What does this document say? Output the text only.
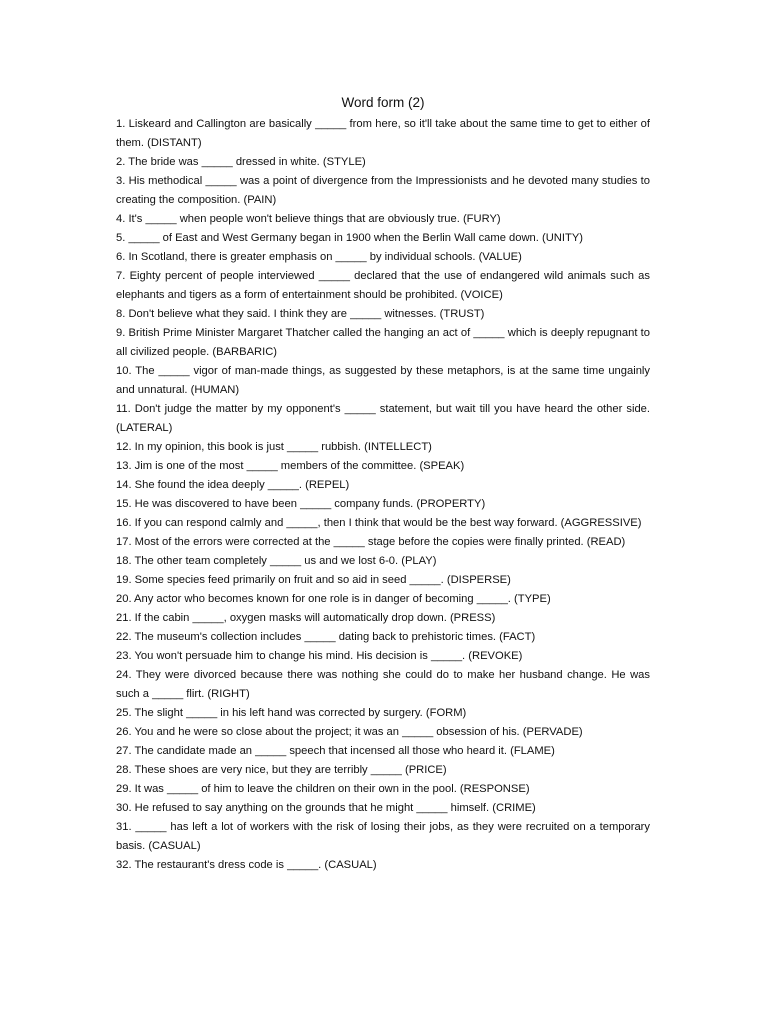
Word form (2)

1. Liskeard and Callington are basically _____ from here, so it'll take about the same time to get to either of them. (DISTANT)

2. The bride was _____ dressed in white. (STYLE)

3. His methodical _____ was a point of divergence from the Impressionists and he devoted many studies to creating the composition. (PAIN)

4. It's _____ when people won't believe things that are obviously true. (FURY)

5. _____ of East and West Germany began in 1900 when the Berlin Wall came down. (UNITY)

6. In Scotland, there is greater emphasis on _____ by individual schools. (VALUE)

7. Eighty percent of people interviewed _____ declared that the use of endangered wild animals such as elephants and tigers as a form of entertainment should be prohibited. (VOICE)

8. Don't believe what they said. I think they are _____ witnesses. (TRUST)

9. British Prime Minister Margaret Thatcher called the hanging an act of _____ which is deeply repugnant to all civilized people. (BARBARIC)

10. The _____ vigor of man-made things, as suggested by these metaphors, is at the same time ungainly and unnatural. (HUMAN)

11. Don't judge the matter by my opponent's _____ statement, but wait till you have heard the other side. (LATERAL)

12. In my opinion, this book is just _____ rubbish. (INTELLECT)

13. Jim is one of the most _____ members of the committee. (SPEAK)

14. She found the idea deeply _____. (REPEL)

15. He was discovered to have been _____ company funds. (PROPERTY)

16. If you can respond calmly and _____, then I think that would be the best way forward. (AGGRESSIVE)

17. Most of the errors were corrected at the _____ stage before the copies were finally printed. (READ)

18. The other team completely _____ us and we lost 6-0. (PLAY)

19. Some species feed primarily on fruit and so aid in seed _____. (DISPERSE)

20. Any actor who becomes known for one role is in danger of becoming _____. (TYPE)

21. If the cabin _____, oxygen masks will automatically drop down. (PRESS)

22. The museum's collection includes _____ dating back to prehistoric times. (FACT)

23. You won't persuade him to change his mind. His decision is _____. (REVOKE)

24. They were divorced because there was nothing she could do to make her husband change. He was such a _____ flirt. (RIGHT)

25. The slight _____ in his left hand was corrected by surgery. (FORM)

26. You and he were so close about the project; it was an _____ obsession of his. (PERVADE)

27. The candidate made an _____ speech that incensed all those who heard it. (FLAME)

28. These shoes are very nice, but they are terribly _____ (PRICE)

29. It was _____ of him to leave the children on their own in the pool. (RESPONSE)

30. He refused to say anything on the grounds that he might _____ himself. (CRIME)

31. _____ has left a lot of workers with the risk of losing their jobs, as they were recruited on a temporary basis. (CASUAL)

32. The restaurant's dress code is _____. (CASUAL)
